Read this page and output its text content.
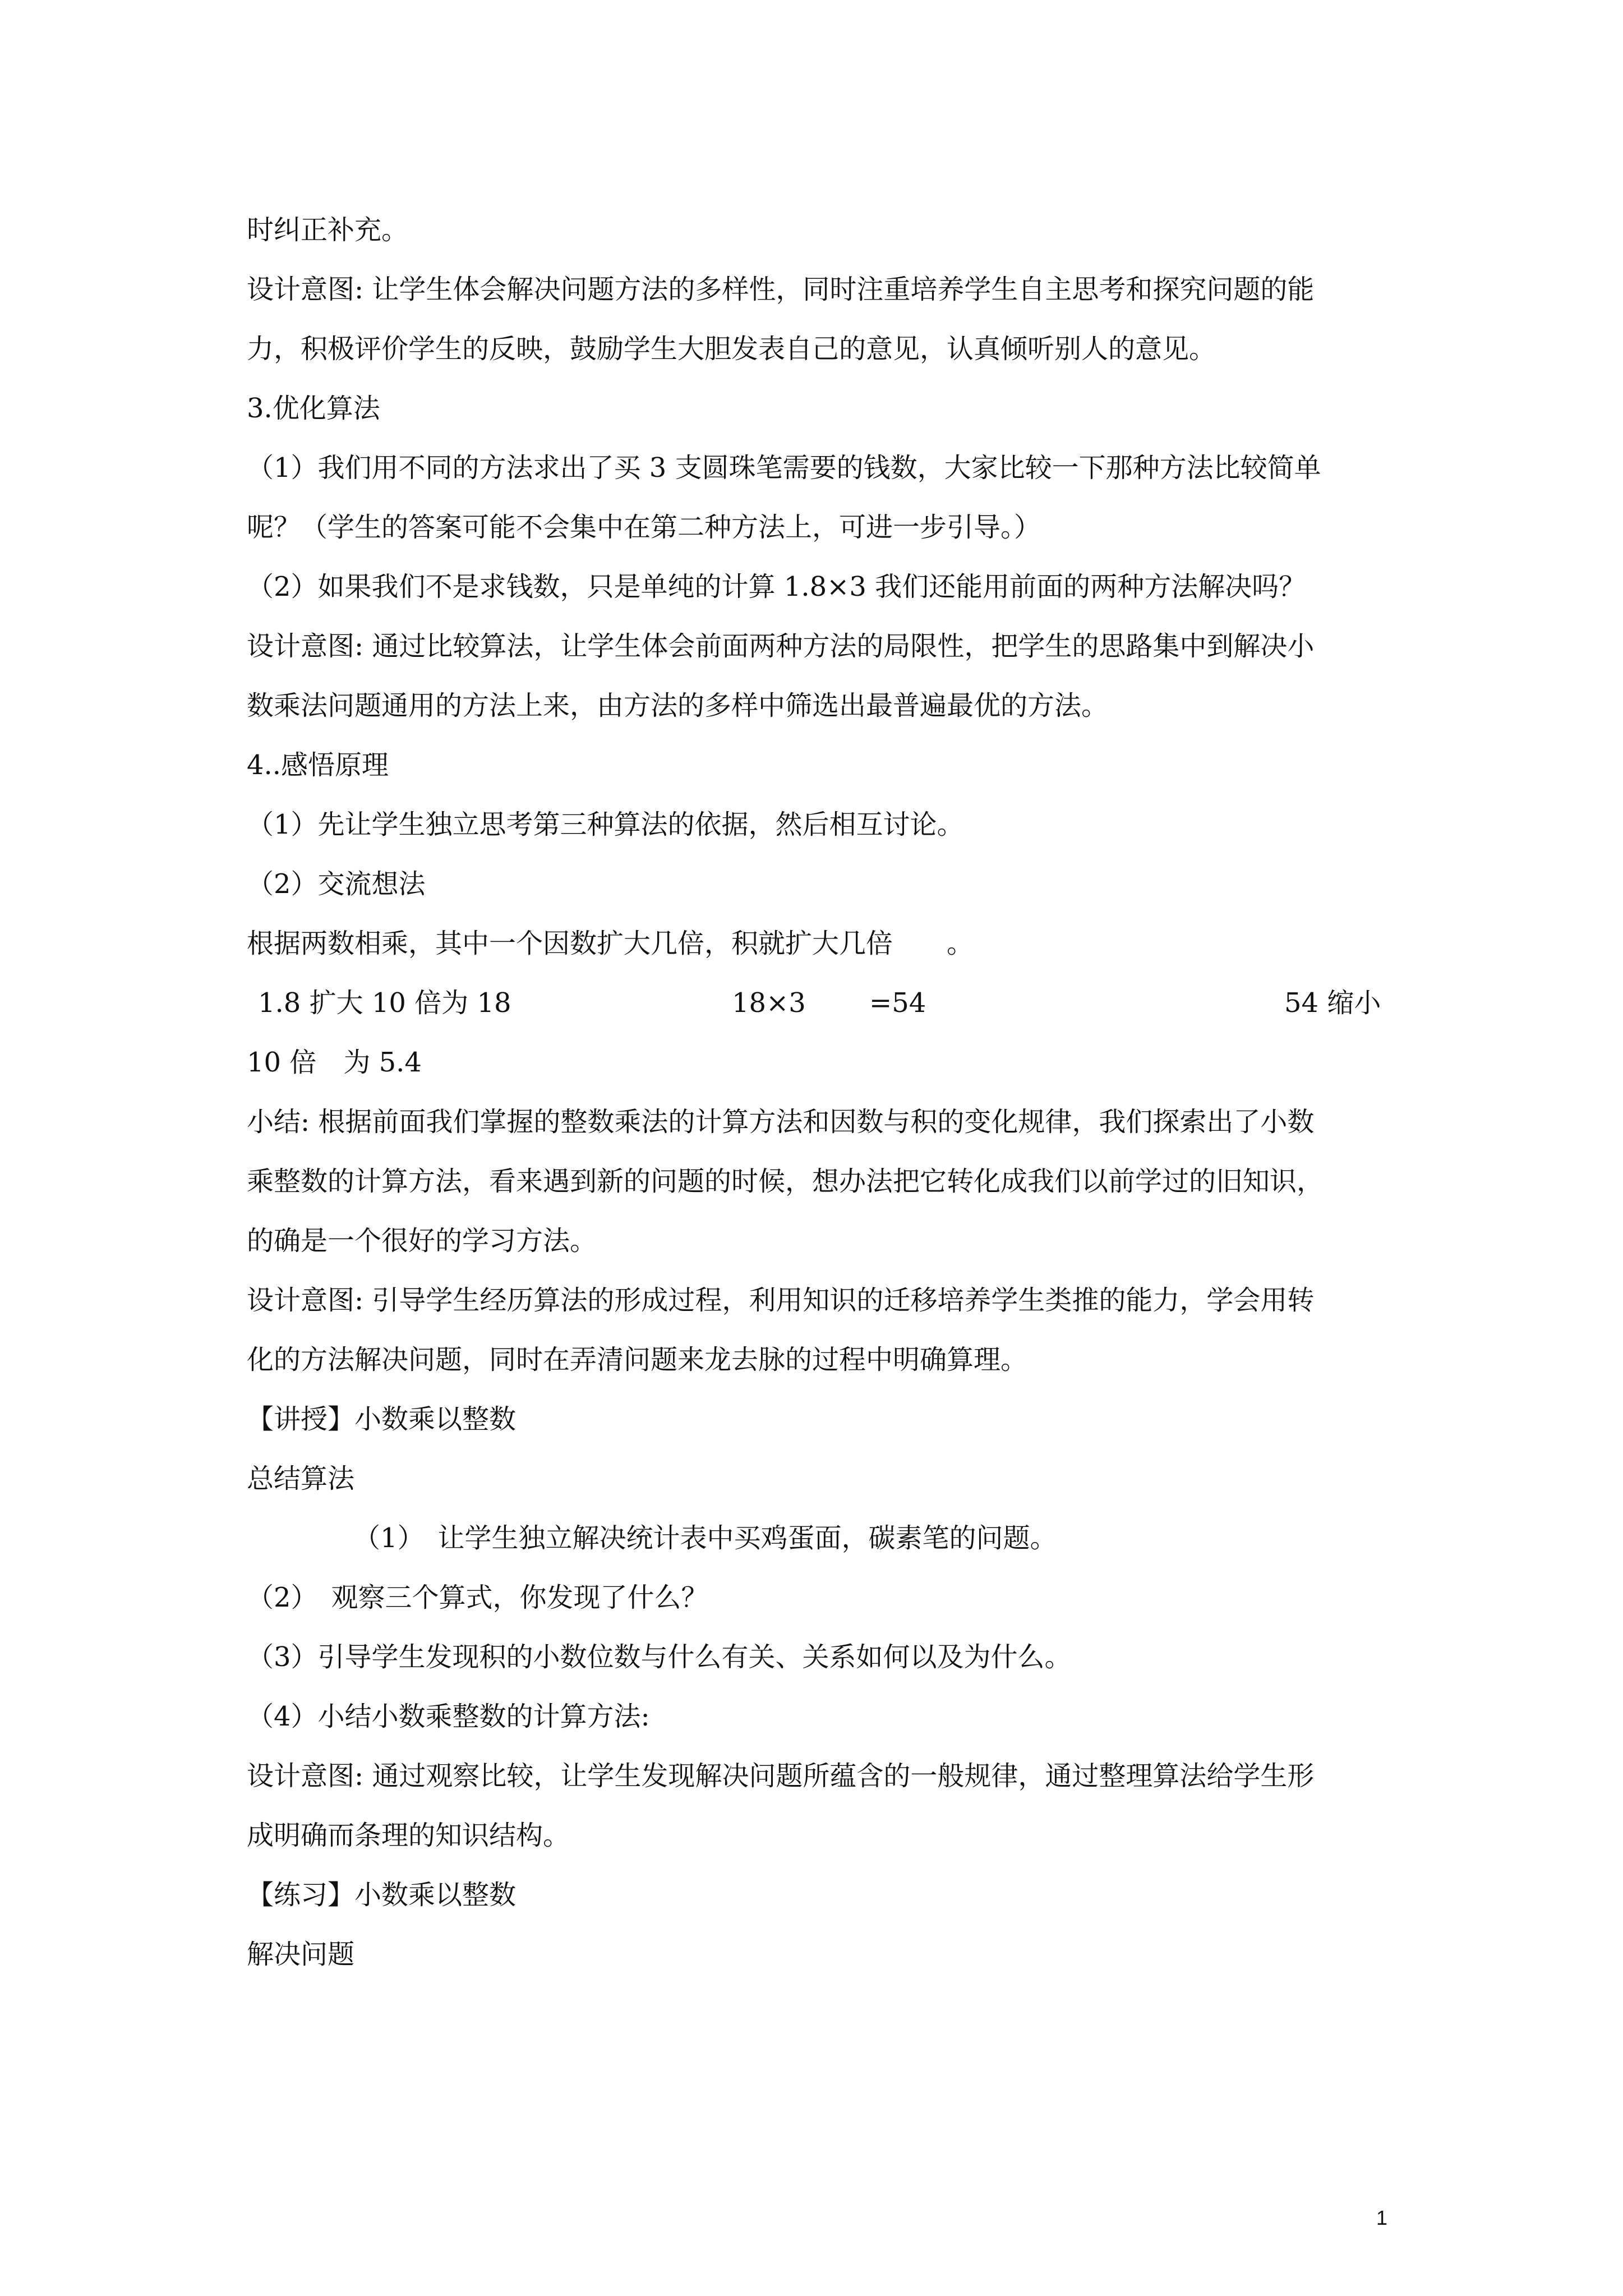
时纠正补充。
设计意图: 让学生体会解决问题方法的多样性，同时注重培养学生自主思考和探究问题的能
力，积极评价学生的反映，鼓励学生大胆发表自己的意见，认真倾听别人的意见。
3.优化算法
（1）我们用不同的方法求出了买 3 支圆珠笔需要的钱数，大家比较一下那种方法比较简单
呢？（学生的答案可能不会集中在第二种方法上，可进一步引导。）
（2）如果我们不是求钱数，只是单纯的计算 1.8×3 我们还能用前面的两种方法解决吗？
设计意图: 通过比较算法，让学生体会前面两种方法的局限性，把学生的思路集中到解决小
数乘法问题通用的方法上来，由方法的多样中筛选出最普遍最优的方法。
4..感悟原理
（1）先让学生独立思考第三种算法的依据，然后相互讨论。
（2）交流想法
根据两数相乘，其中一个因数扩大几倍，积就扩大几倍　　。
1.8 扩大 10 倍为 18	18×3 =54	54 缩小
10 倍　为 5.4
小结: 根据前面我们掌握的整数乘法的计算方法和因数与积的变化规律，我们探索出了小数
乘整数的计算方法，看来遇到新的问题的时候，想办法把它转化成我们以前学过的旧知识，
的确是一个很好的学习方法。
设计意图: 引导学生经历算法的形成过程，利用知识的迁移培养学生类推的能力，学会用转
化的方法解决问题，同时在弄清问题来龙去脉的过程中明确算理。
【讲授】小数乘以整数
总结算法
（1）　让学生独立解决统计表中买鸡蛋面，碳素笔的问题。
（2）　观察三个算式，你发现了什么？
（3）引导学生发现积的小数位数与什么有关、关系如何以及为什么。
（4）小结小数乘整数的计算方法:
设计意图: 通过观察比较，让学生发现解决问题所蕴含的一般规律，通过整理算法给学生形
成明确而条理的知识结构。
【练习】小数乘以整数
解决问题
1
